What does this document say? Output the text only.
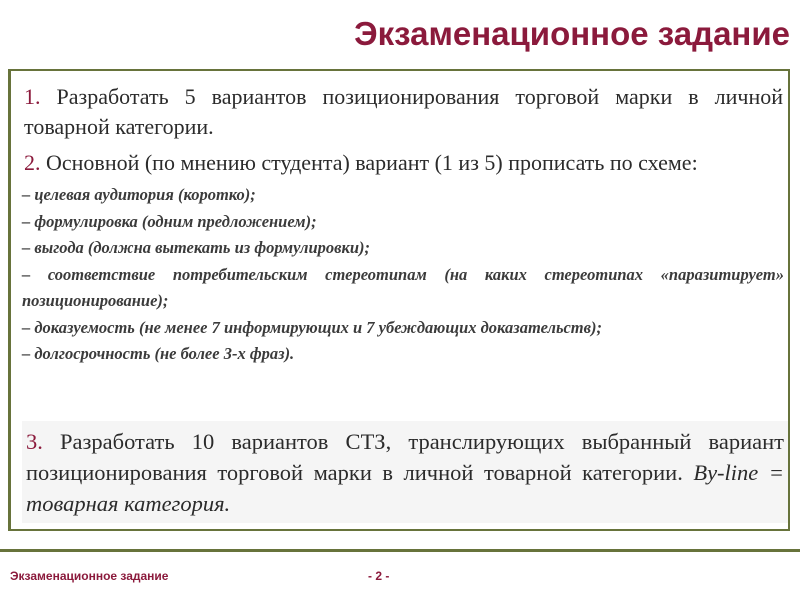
Экзаменационное задание

1. Разработать 5 вариантов позиционирования торговой марки в личной товарной категории.

2. Основной (по мнению студента) вариант (1 из 5) прописать по схеме:

– целевая аудитория (коротко);

– формулировка (одним предложением);

– выгода (должна вытекать из формулировки);

– соответствие потребительским стереотипам (на каких стереотипах «паразитирует» позиционирование);

– доказуемость (не менее 7 информирующих и 7 убеждающих доказательств);

– долгосрочность (не более 3-х фраз).

3. Разработать 10 вариантов СТЗ, транслирующих выбранный вариант позиционирования торговой марки в личной товарной категории. By-line = товарная категория.

Экзаменационное задание	- 2 -
